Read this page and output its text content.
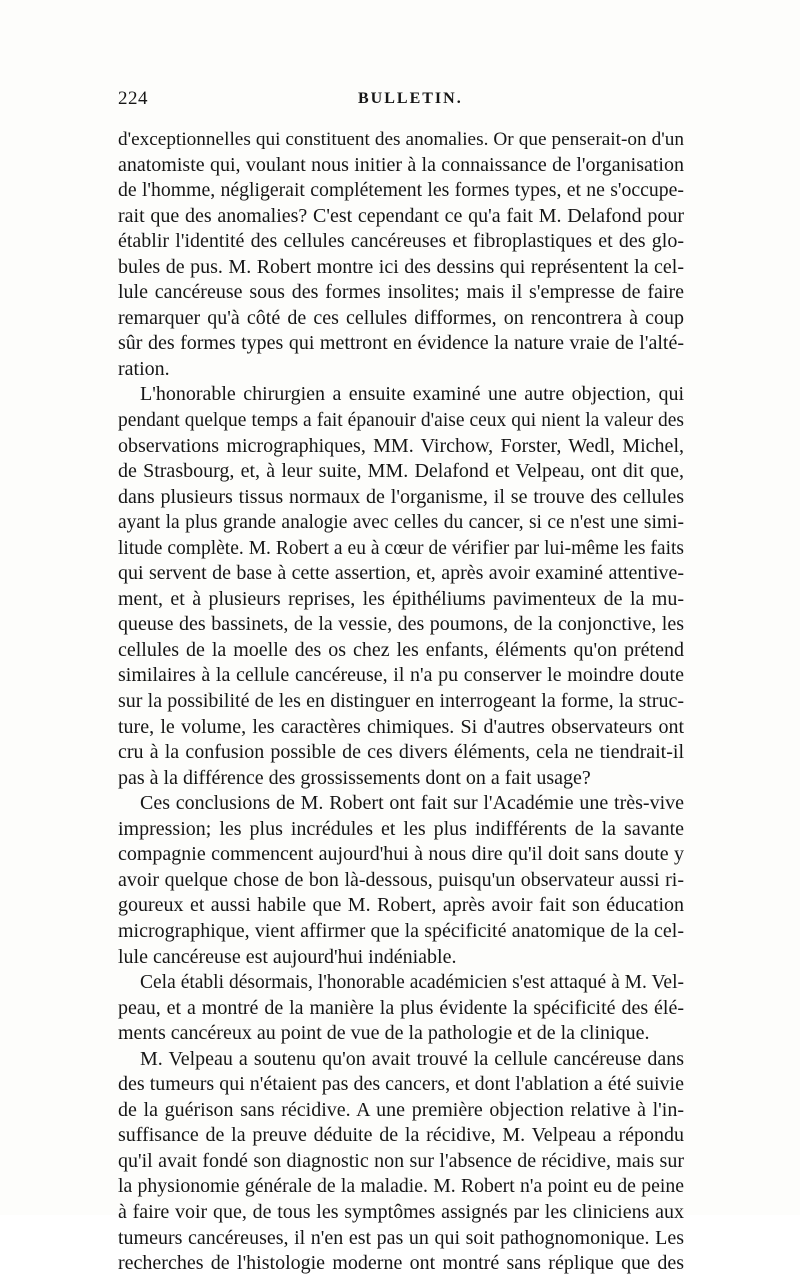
224	BULLETIN.
d'exceptionnelles qui constituent des anomalies. Or que penserait-on d'un
anatomiste qui, voulant nous initier à la connaissance de l'organisation
de l'homme, négligerait complétement les formes types, et ne s'occupe-
rait que des anomalies? C'est cependant ce qu'a fait M. Delafond pour
établir l'identité des cellules cancéreuses et fibroplastiques et des glo-
bules de pus. M. Robert montre ici des dessins qui représentent la cel-
lule cancéreuse sous des formes insolites; mais il s'empresse de faire
remarquer qu'à côté de ces cellules difformes, on rencontrera à coup
sûr des formes types qui mettront en évidence la nature vraie de l'alté-
ration.
L'honorable chirurgien a ensuite examiné une autre objection, qui
pendant quelque temps a fait épanouir d'aise ceux qui nient la valeur des
observations micrographiques, MM. Virchow, Forster, Wedl, Michel,
de Strasbourg, et, à leur suite, MM. Delafond et Velpeau, ont dit que,
dans plusieurs tissus normaux de l'organisme, il se trouve des cellules
ayant la plus grande analogie avec celles du cancer, si ce n'est une simi-
litude complète. M. Robert a eu à cœur de vérifier par lui-même les faits
qui servent de base à cette assertion, et, après avoir examiné attentive-
ment, et à plusieurs reprises, les épithéliums pavimenteux de la mu-
queuse des bassinets, de la vessie, des poumons, de la conjonctive, les
cellules de la moelle des os chez les enfants, éléments qu'on prétend
similaires à la cellule cancéreuse, il n'a pu conserver le moindre doute
sur la possibilité de les en distinguer en interrogeant la forme, la struc-
ture, le volume, les caractères chimiques. Si d'autres observateurs ont
cru à la confusion possible de ces divers éléments, cela ne tiendrait-il
pas à la différence des grossissements dont on a fait usage?
Ces conclusions de M. Robert ont fait sur l'Académie une très-vive
impression; les plus incrédules et les plus indifférents de la savante
compagnie commencent aujourd'hui à nous dire qu'il doit sans doute y
avoir quelque chose de bon là-dessous, puisqu'un observateur aussi ri-
goureux et aussi habile que M. Robert, après avoir fait son éducation
micrographique, vient affirmer que la spécificité anatomique de la cel-
lule cancéreuse est aujourd'hui indéniable.
Cela établi désormais, l'honorable académicien s'est attaqué à M. Vel-
peau, et a montré de la manière la plus évidente la spécificité des élé-
ments cancéreux au point de vue de la pathologie et de la clinique.
M. Velpeau a soutenu qu'on avait trouvé la cellule cancéreuse dans
des tumeurs qui n'étaient pas des cancers, et dont l'ablation a été suivie
de la guérison sans récidive. A une première objection relative à l'in-
suffisance de la preuve déduite de la récidive, M. Velpeau a répondu
qu'il avait fondé son diagnostic non sur l'absence de récidive, mais sur
la physionomie générale de la maladie. M. Robert n'a point eu de peine
à faire voir que, de tous les symptômes assignés par les cliniciens aux
tumeurs cancéreuses, il n'en est pas un qui soit pathognomonique. Les
recherches de l'histologie moderne ont montré sans réplique que des
